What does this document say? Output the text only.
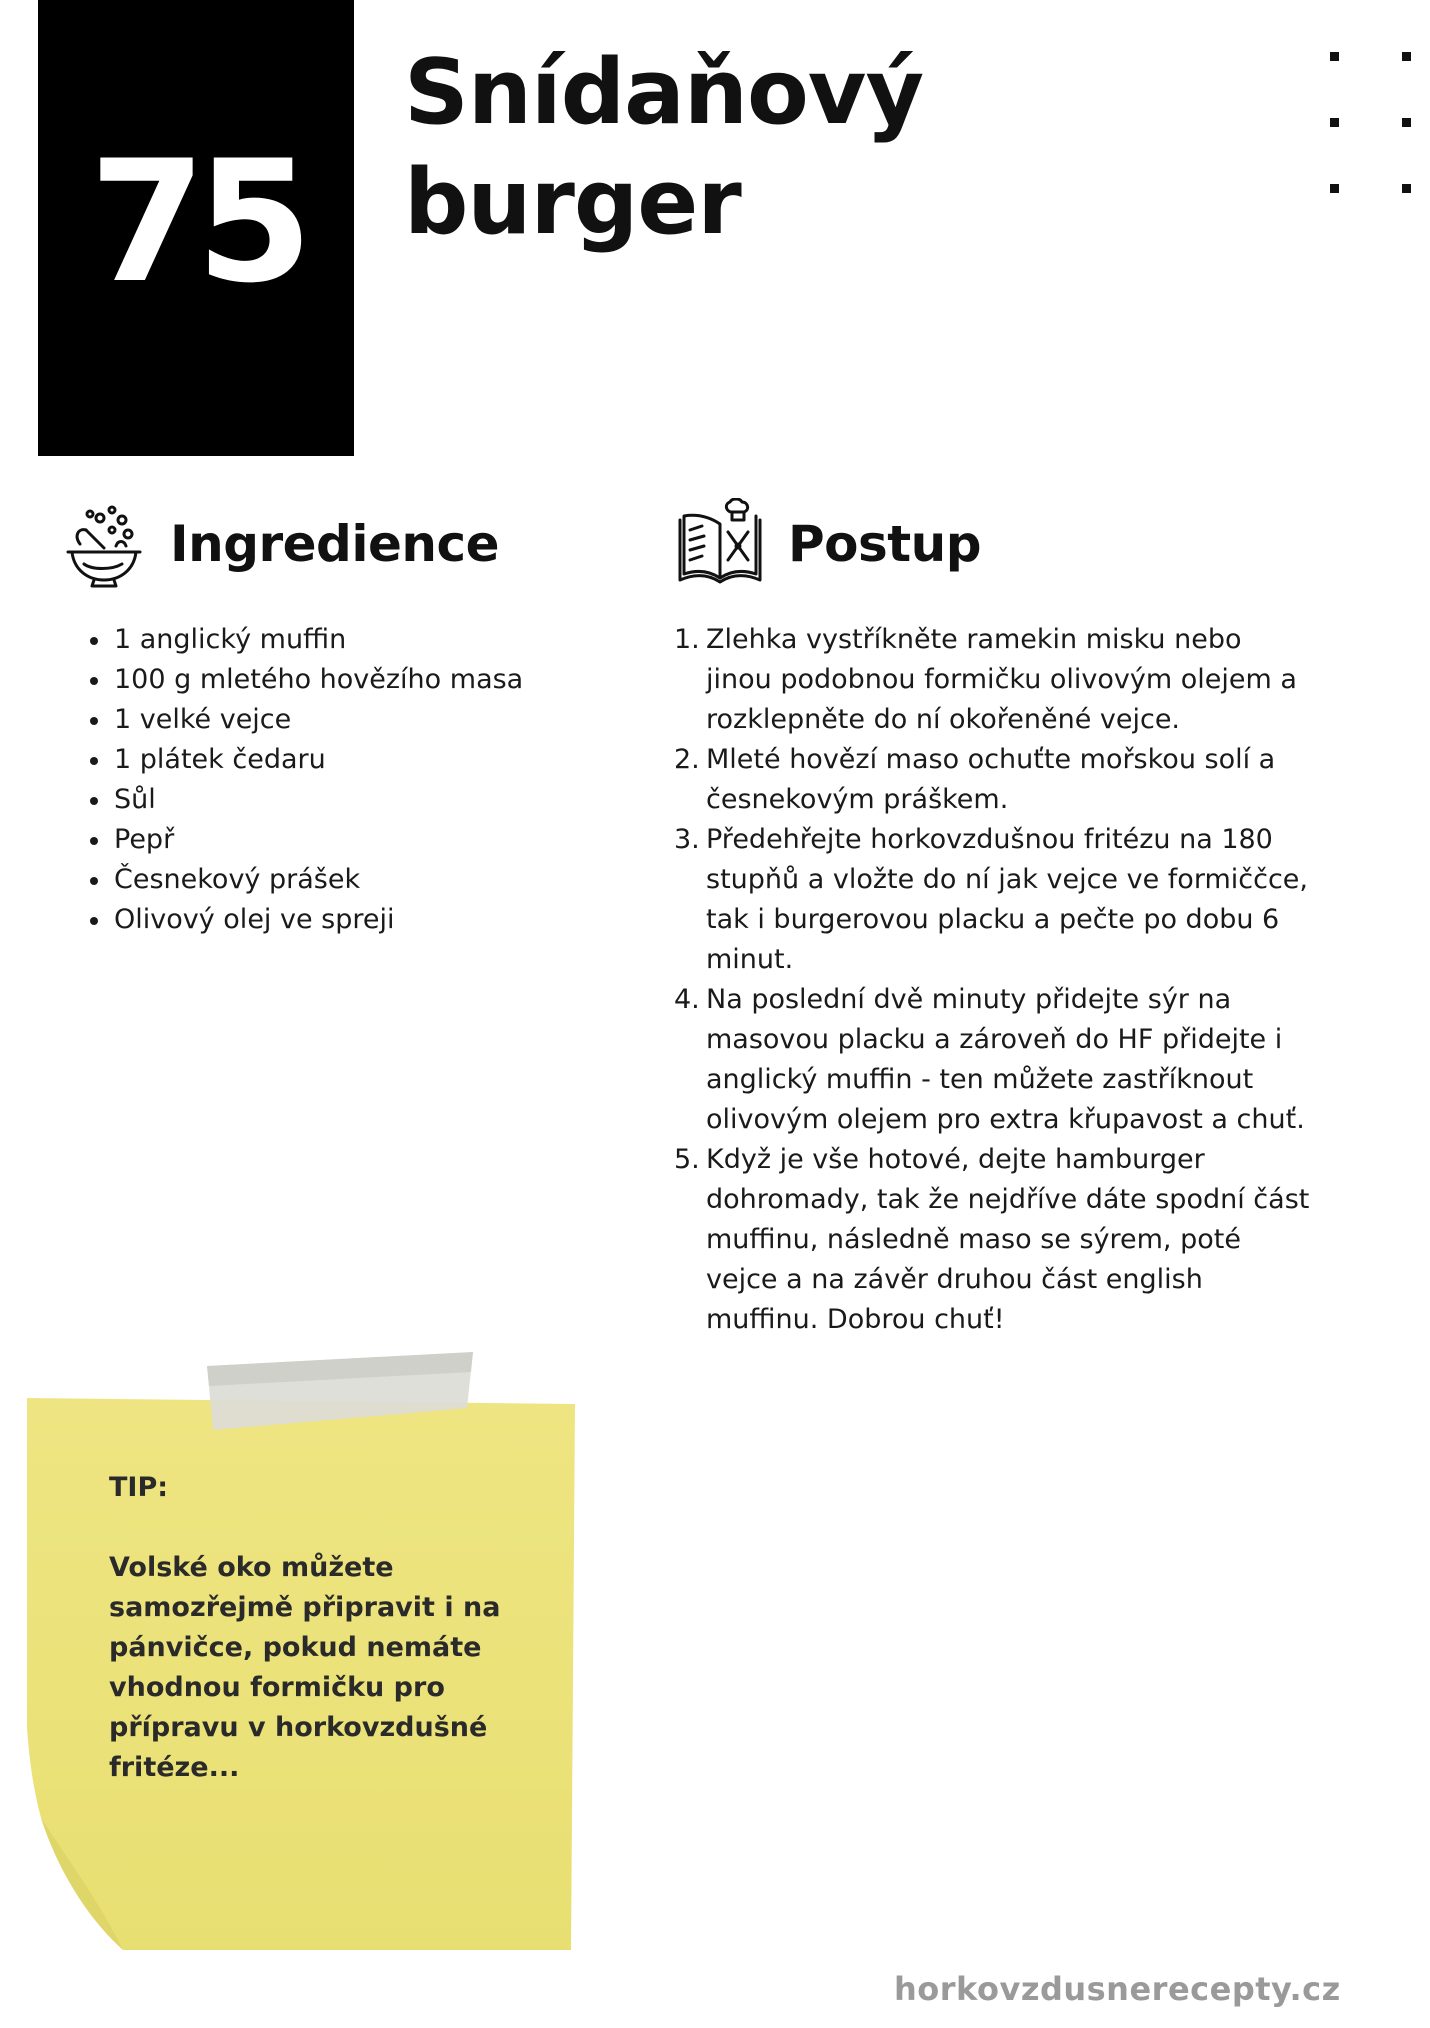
75
Snídaňový
burger
Ingredience
1 anglický muffin
100 g mletého hovězího masa
1 velké vejce
1 plátek čedaru
Sůl
Pepř
Česnekový prášek
Olivový olej ve spreji
Postup
1. Zlehka vystříkněte ramekin misku nebo jinou podobnou formičku olivovým olejem a rozklepněte do ní okořeněné vejce.
2. Mleté hovězí maso ochuťte mořskou solí a česnekovým práškem.
3. Předehřejte horkovzdušnou fritézu na 180 stupňů a vložte do ní jak vejce ve formiččce, tak i burgerovou placku a pečte po dobu 6 minut.
4. Na poslední dvě minuty přidejte sýr na masovou placku a zároveň do HF přidejte i anglický muffin - ten můžete zastříknout olivovým olejem pro extra křupavost a chuť.
5. Když je vše hotové, dejte hamburger dohromady, tak že nejdříve dáte spodní část muffinu, následně maso se sýrem, poté vejce a na závěr druhou část english muffinu. Dobrou chuť!
TIP:
Volské oko můžete samozřejmě připravit i na pánvičce, pokud nemáte vhodnou formičku pro přípravu v horkovzdušné fritéze...
horkovzdusnerecepty.cz
